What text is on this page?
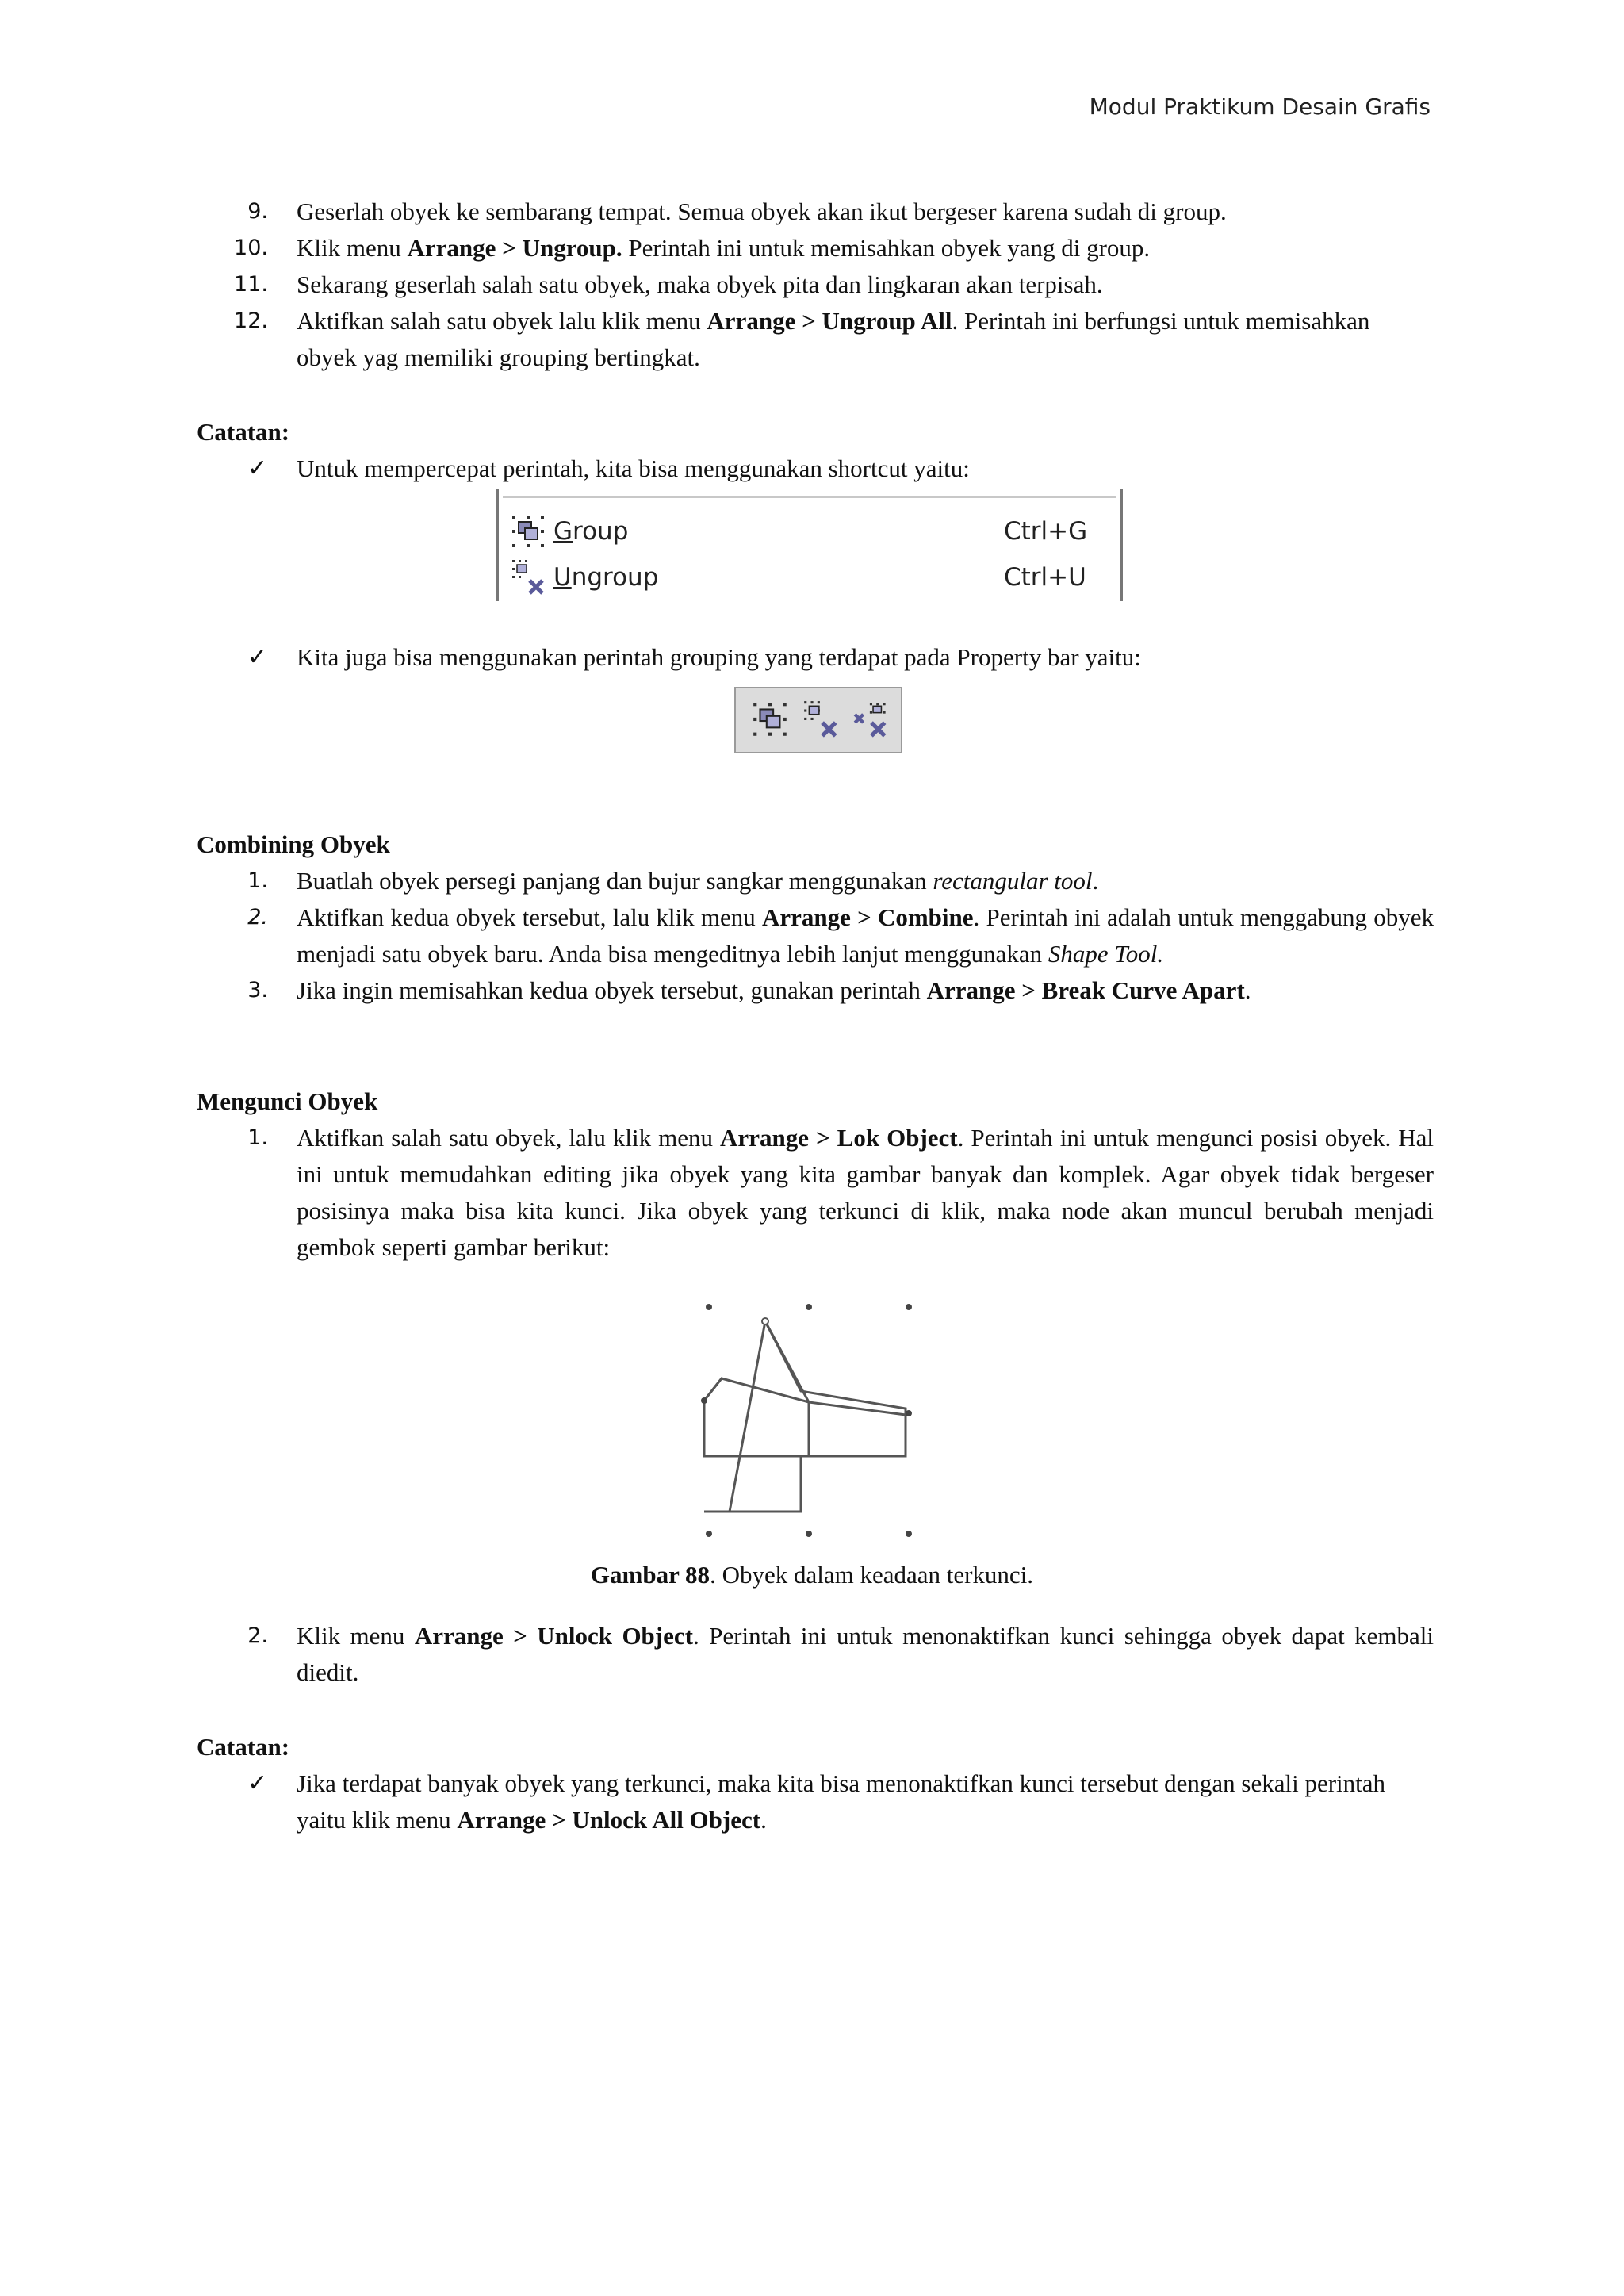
Modul Praktikum Desain Grafis
9. Geserlah obyek ke sembarang tempat. Semua obyek akan ikut bergeser karena sudah di group.
10. Klik menu Arrange > Ungroup. Perintah ini untuk memisahkan obyek yang di group.
11. Sekarang geserlah salah satu obyek, maka obyek pita dan lingkaran akan terpisah.
12. Aktifkan salah satu obyek lalu klik menu Arrange > Ungroup All. Perintah ini berfungsi untuk memisahkan obyek yag memiliki grouping bertingkat.
Catatan:
✓ Untuk mempercepat perintah, kita bisa menggunakan shortcut yaitu:
Group	Ctrl+G
Ungroup	Ctrl+U
✓ Kita juga bisa menggunakan perintah grouping yang terdapat pada Property bar yaitu:
Combining Obyek
1. Buatlah obyek persegi panjang dan bujur sangkar menggunakan rectangular tool.
2. Aktifkan kedua obyek tersebut, lalu klik menu Arrange > Combine. Perintah ini adalah untuk menggabung obyek menjadi satu obyek baru. Anda bisa mengeditnya lebih lanjut menggunakan Shape Tool.
3. Jika ingin memisahkan kedua obyek tersebut, gunakan perintah Arrange > Break Curve Apart.
Mengunci Obyek
1. Aktifkan salah satu obyek, lalu klik menu Arrange > Lok Object. Perintah ini untuk mengunci posisi obyek. Hal ini untuk memudahkan editing jika obyek yang kita gambar banyak dan komplek. Agar obyek tidak bergeser posisinya maka bisa kita kunci. Jika obyek yang terkunci di klik, maka node akan muncul berubah menjadi gembok seperti gambar berikut:
Gambar 88. Obyek dalam keadaan terkunci.
2. Klik menu Arrange > Unlock Object. Perintah ini untuk menonaktifkan kunci sehingga obyek dapat kembali diedit.
Catatan:
✓ Jika terdapat banyak obyek yang terkunci, maka kita bisa menonaktifkan kunci tersebut dengan sekali perintah yaitu klik menu Arrange > Unlock All Object.
